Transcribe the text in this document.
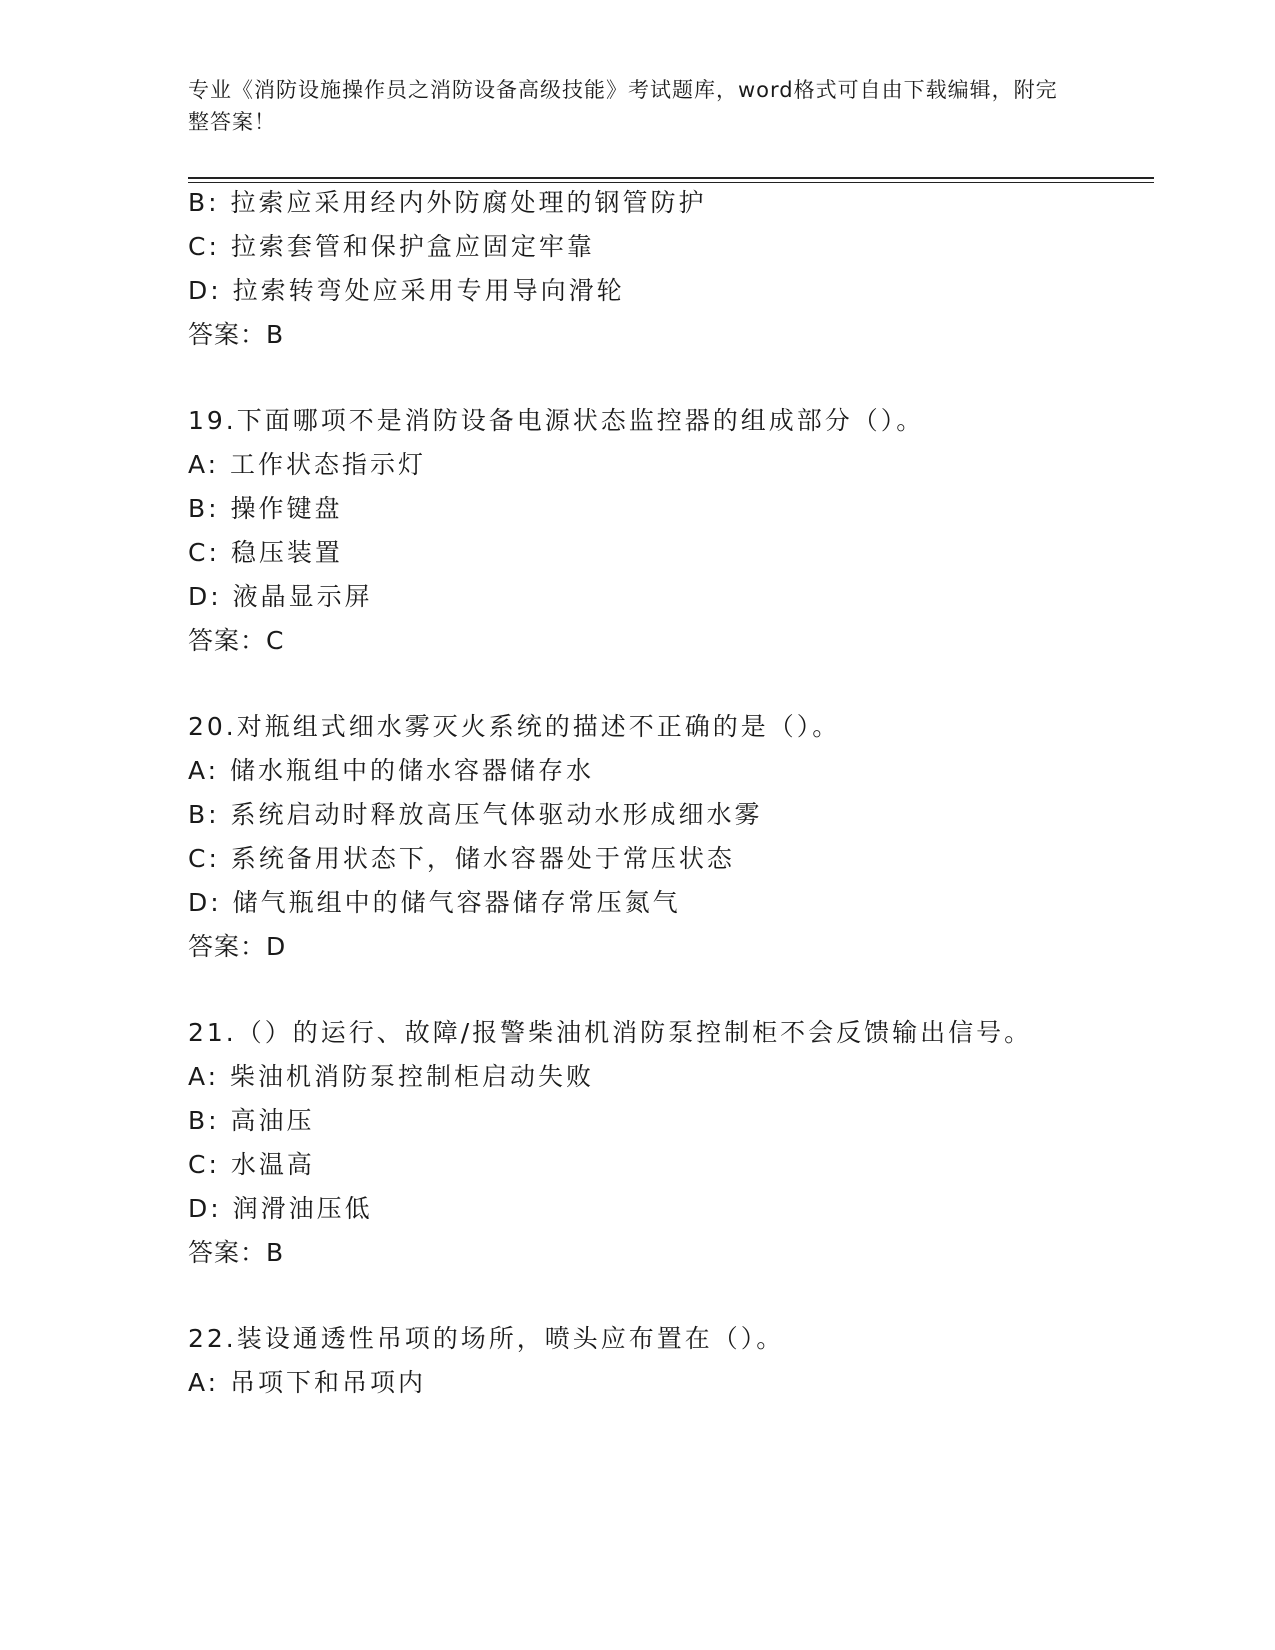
专业《消防设施操作员之消防设备高级技能》考试题库，word格式可自由下载编辑，附完整答案！
B: 拉索应采用经内外防腐处理的钢管防护
C: 拉索套管和保护盒应固定牢靠
D: 拉索转弯处应采用专用导向滑轮
答案：B
19.下面哪项不是消防设备电源状态监控器的组成部分（）。
A: 工作状态指示灯
B: 操作键盘
C: 稳压装置
D: 液晶显示屏
答案：C
20.对瓶组式细水雾灭火系统的描述不正确的是（）。
A: 储水瓶组中的储水容器储存水
B: 系统启动时释放高压气体驱动水形成细水雾
C: 系统备用状态下，储水容器处于常压状态
D: 储气瓶组中的储气容器储存常压氮气
答案：D
21.（）的运行、故障/报警柴油机消防泵控制柜不会反馈输出信号。
A: 柴油机消防泵控制柜启动失败
B: 高油压
C: 水温高
D: 润滑油压低
答案：B
22.装设通透性吊项的场所，喷头应布置在（）。
A: 吊项下和吊项内
